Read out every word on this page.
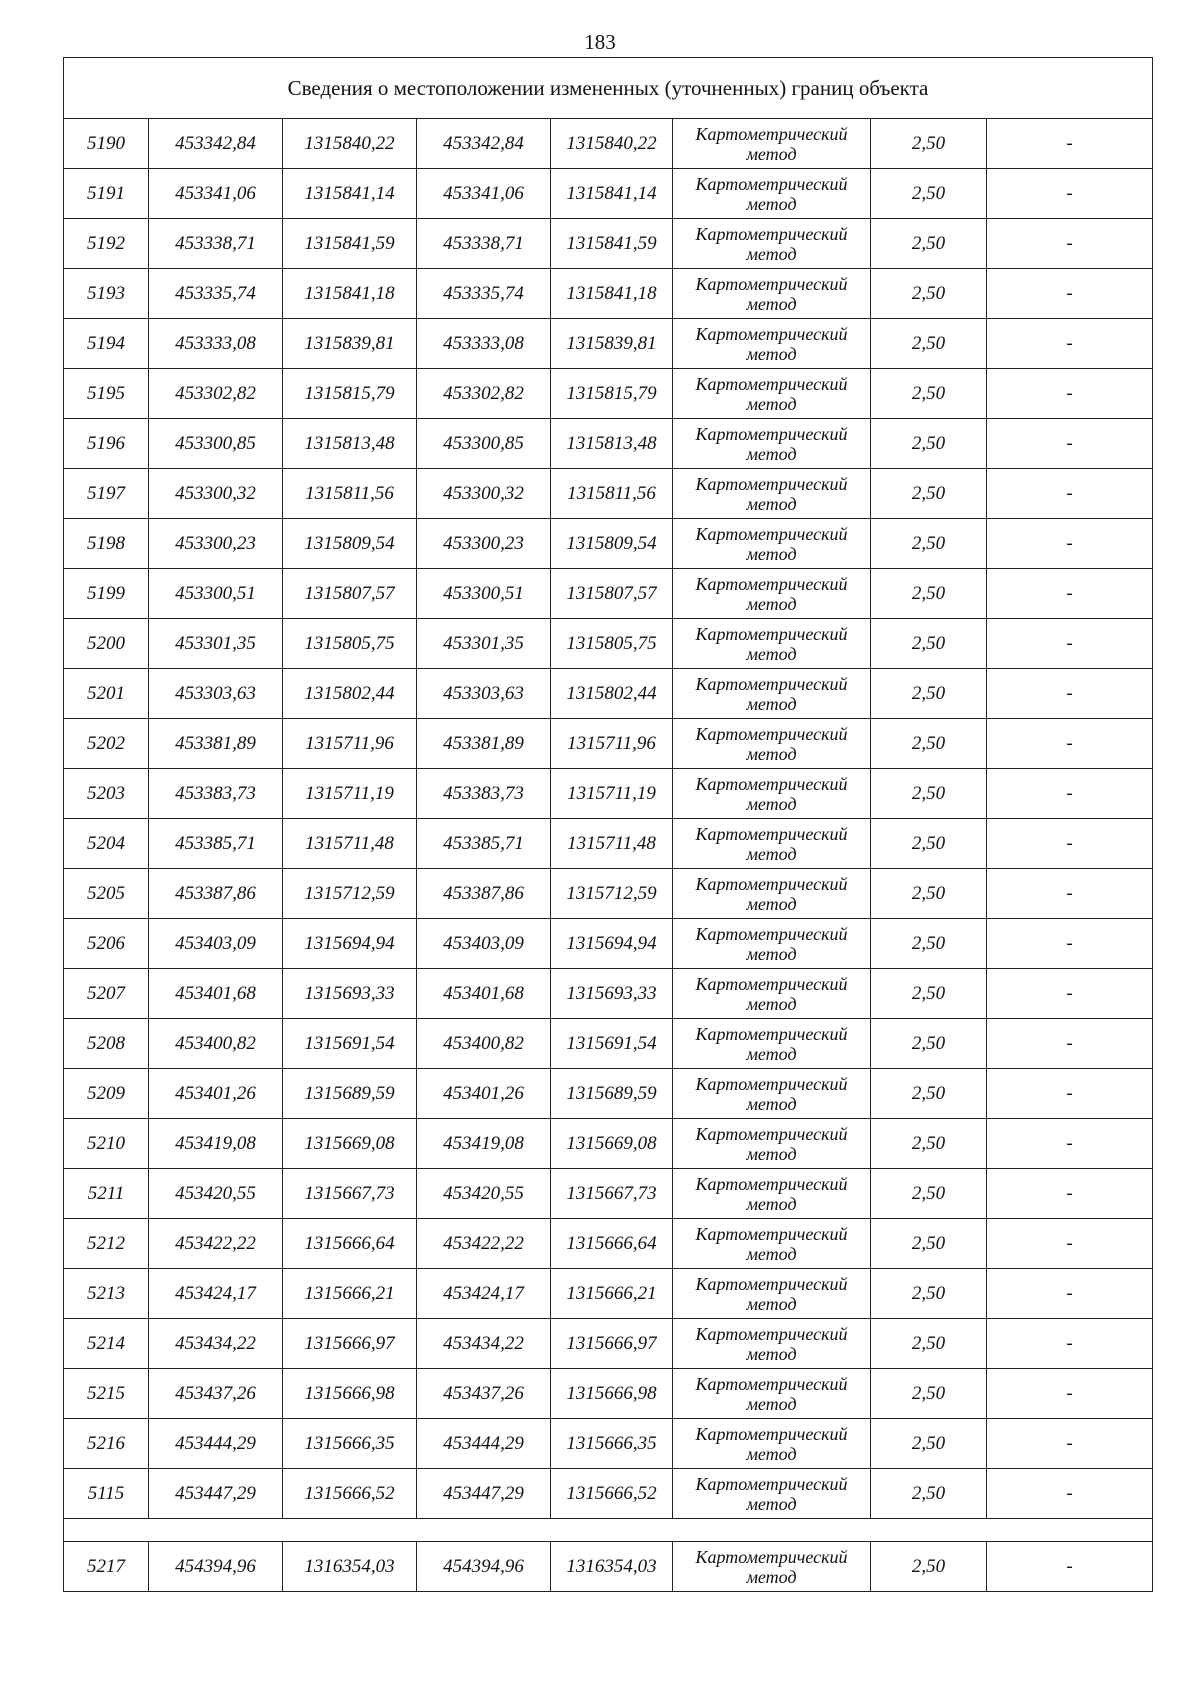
183
Сведения о местоположении измененных (уточненных) границ объекта							
5190	453342,84	1315840,22	453342,84	1315840,22	Картометрический
метод	2,50	-
5191	453341,06	1315841,14	453341,06	1315841,14	Картометрический
метод	2,50	-
5192	453338,71	1315841,59	453338,71	1315841,59	Картометрический
метод	2,50	-
5193	453335,74	1315841,18	453335,74	1315841,18	Картометрический
метод	2,50	-
5194	453333,08	1315839,81	453333,08	1315839,81	Картометрический
метод	2,50	-
5195	453302,82	1315815,79	453302,82	1315815,79	Картометрический
метод	2,50	-
5196	453300,85	1315813,48	453300,85	1315813,48	Картометрический
метод	2,50	-
5197	453300,32	1315811,56	453300,32	1315811,56	Картометрический
метод	2,50	-
5198	453300,23	1315809,54	453300,23	1315809,54	Картометрический
метод	2,50	-
5199	453300,51	1315807,57	453300,51	1315807,57	Картометрический
метод	2,50	-
5200	453301,35	1315805,75	453301,35	1315805,75	Картометрический
метод	2,50	-
5201	453303,63	1315802,44	453303,63	1315802,44	Картометрический
метод	2,50	-
5202	453381,89	1315711,96	453381,89	1315711,96	Картометрический
метод	2,50	-
5203	453383,73	1315711,19	453383,73	1315711,19	Картометрический
метод	2,50	-
5204	453385,71	1315711,48	453385,71	1315711,48	Картометрический
метод	2,50	-
5205	453387,86	1315712,59	453387,86	1315712,59	Картометрический
метод	2,50	-
5206	453403,09	1315694,94	453403,09	1315694,94	Картометрический
метод	2,50	-
5207	453401,68	1315693,33	453401,68	1315693,33	Картометрический
метод	2,50	-
5208	453400,82	1315691,54	453400,82	1315691,54	Картометрический
метод	2,50	-
5209	453401,26	1315689,59	453401,26	1315689,59	Картометрический
метод	2,50	-
5210	453419,08	1315669,08	453419,08	1315669,08	Картометрический
метод	2,50	-
5211	453420,55	1315667,73	453420,55	1315667,73	Картометрический
метод	2,50	-
5212	453422,22	1315666,64	453422,22	1315666,64	Картометрический
метод	2,50	-
5213	453424,17	1315666,21	453424,17	1315666,21	Картометрический
метод	2,50	-
5214	453434,22	1315666,97	453434,22	1315666,97	Картометрический
метод	2,50	-
5215	453437,26	1315666,98	453437,26	1315666,98	Картометрический
метод	2,50	-
5216	453444,29	1315666,35	453444,29	1315666,35	Картометрический
метод	2,50	-
5115	453447,29	1315666,52	453447,29	1315666,52	Картометрический
метод	2,50	-

5217	454394,96	1316354,03	454394,96	1316354,03	Картометрический
метод	2,50	-
